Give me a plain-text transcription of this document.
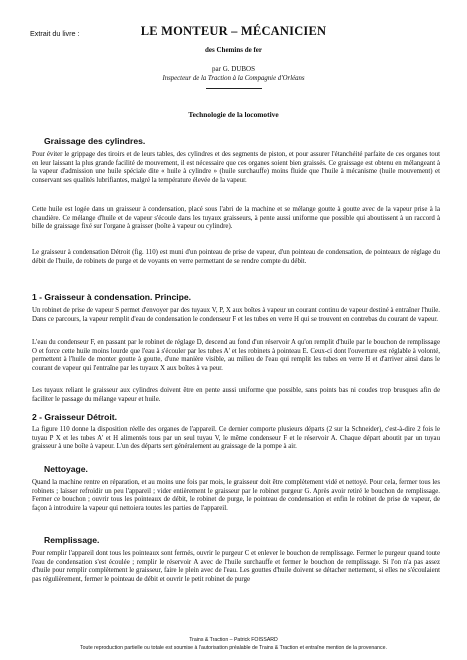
Extrait du livre :	LE MONTEUR – MÉCANICIEN
des Chemins de fer
par G. DUBOS
Inspecteur de la Traction à la Compagnie d'Orléans
Technologie de la locomotive
Graissage des cylindres.
Pour éviter le grippage des tiroirs et de leurs tables, des cylindres et des segments de piston, et pour assurer l'étanchéité parfaite de ces organes tout en leur laissant la plus grande facilité de mouvement, il est nécessaire que ces organes soient bien graissés. Ce graissage est obtenu en mélangeant à la vapeur d'admission une huile spéciale dite « huile à cylindre » (huile surchauffe) moins fluide que l'huile à mécanisme (huile mouvement) et conservant ses qualités lubrifiantes, malgré la température élevée de la vapeur.
Cette huile est logée dans un graisseur à condensation, placé sous l'abri de la machine et se mélange goutte à goutte avec de la vapeur prise à la chaudière. Ce mélange d'huile et de vapeur s'écoule dans les tuyaux graisseurs, à pente aussi uniforme que possible qui aboutissent à un raccord à bille de graissage fixé sur l'organe à graisser (boîte à vapeur ou cylindre).
Le graisseur à condensation Détroit (fig. 110) est muni d'un pointeau de prise de vapeur, d'un pointeau de condensation, de pointeaux de réglage du débit de l'huile, de robinets de purge et de voyants en verre permettant de se rendre compte du débit.
1 - Graisseur à condensation. Principe.
Un robinet de prise de vapeur S permet d'envoyer par des tuyaux V, P, X aux boîtes à vapeur un courant continu de vapeur destiné à entraîner l'huile. Dans ce parcours, la vapeur remplit d'eau de condensation le condenseur F et les tubes en verre H qui se trouvent en contrebas du courant de vapeur.
L'eau du condenseur F, en passant par le robinet de réglage D, descend au fond d'un réservoir A qu'on remplit d'huile par le bouchon de remplissage O et force cette huile moins lourde que l'eau à s'écouler par les tubes A' et les robinets à pointeau E. Ceux-ci dont l'ouverture est réglable à volonté, permettent à l'huile de monter goutte à goutte, d'une manière visible, au milieu de l'eau qui remplit les tubes en verre H et d'arriver ainsi dans le courant de vapeur qui l'entraîne par les tuyaux X aux boîtes à va peur.
Les tuyaux reliant le graisseur aux cylindres doivent être en pente aussi uniforme que possible, sans points bas ni coudes trop brusques afin de faciliter le passage du mélange vapeur et huile.
2 - Graisseur Détroit.
La figure 110 donne la disposition réelle des organes de l'appareil. Ce dernier comporte plusieurs départs (2 sur la Schneider), c'est-à-dire 2 fois le tuyau P X et les tubes A' et H alimentés tous par un seul tuyau V, le même condenseur F et le réservoir A. Chaque départ aboutit par un tuyau graisseur à une boîte à vapeur. L'un des départs sert généralement au graissage de la pompe à air.
Nettoyage.
Quand la machine rentre en réparation, et au moins une fois par mois, le graisseur doit être complètement vidé et nettoyé. Pour cela, fermer tous les robinets ; laisser refroidir un peu l'appareil ; vider entièrement le graisseur par le robinet purgeur G. Après avoir retiré le bouchon de remplissage. Fermer ce bouchon ; ouvrir tous les pointeaux de débit, le robinet de purge, le pointeau de condensation et enfin le robinet de prise de vapeur, de façon à introduire la vapeur qui nettoiera toutes les parties de l'appareil.
Remplissage.
Pour remplir l'appareil dont tous les pointeaux sont fermés, ouvrir le purgeur C et enlever le bouchon de remplissage. Fermer le purgeur quand toute l'eau de condensation s'est écoulée ; remplir le réservoir A avec de l'huile surchauffe et fermer le bouchon de remplissage. Si l'on n'a pas assez d'huile pour remplir complètement le graisseur, faire le plein avec de l'eau. Les gouttes d'huile doivent se détacher nettement, si elles ne s'écoulaient pas régulièrement, fermer le pointeau de débit et ouvrir le petit robinet de purge
Trains & Traction – Patrick FOISSARD
Toute reproduction partielle ou totale est soumise à l'autorisation préalable de Trains & Traction et entraîne mention de la provenance.
